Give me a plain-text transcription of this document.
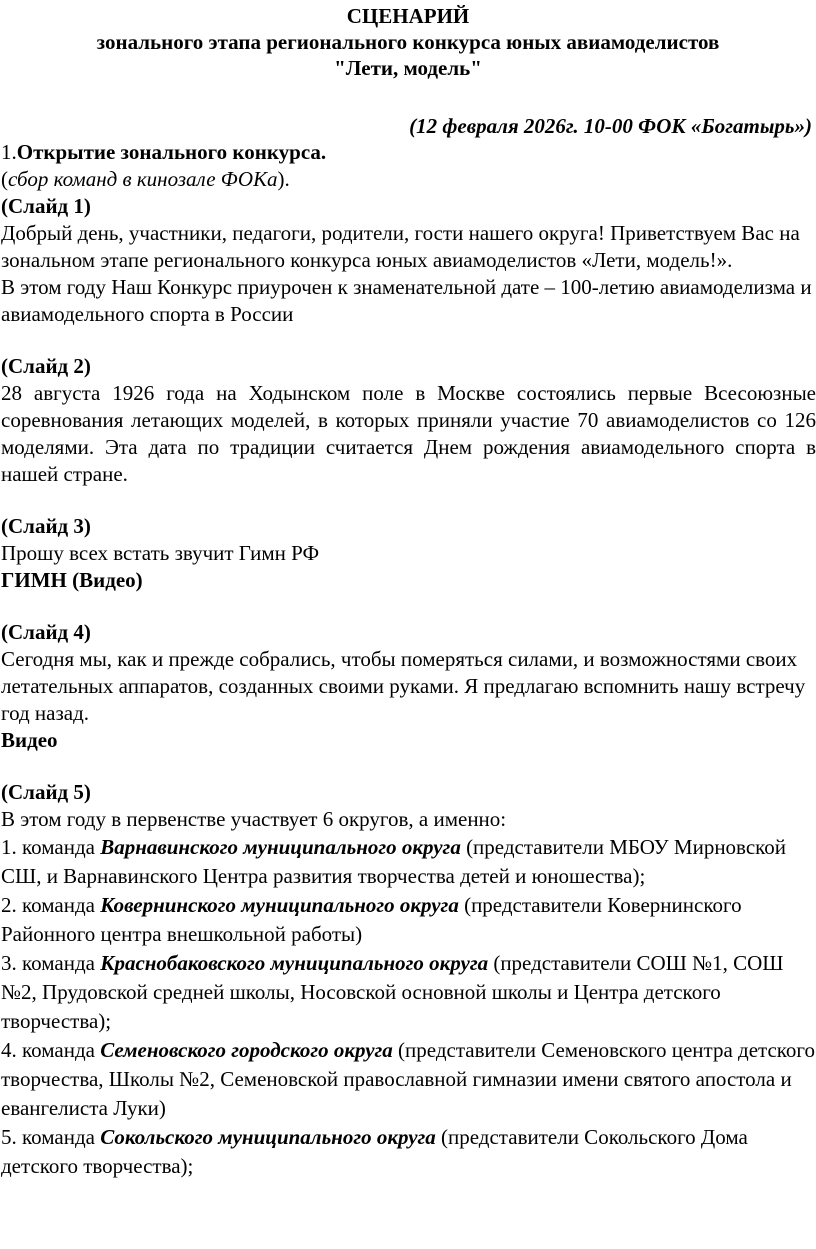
СЦЕНАРИЙ
зонального этапа регионального конкурса юных авиамоделистов
"Лети, модель"
(12 февраля 2026г. 10-00 ФОК «Богатырь»)
1.Открытие зонального конкурса.
(сбор команд в кинозале ФОКа).
(Слайд 1)
Добрый день, участники, педагоги, родители, гости нашего округа! Приветствуем Вас на зональном этапе регионального конкурса юных авиамоделистов «Лети, модель!».
В этом году Наш Конкурс приурочен к знаменательной дате – 100-летию авиамоделизма и авиамодельного спорта в России
(Слайд 2)
28 августа 1926 года на Ходынском поле в Москве состоялись первые Всесоюзные соревнования летающих моделей, в которых приняли участие 70 авиамоделистов со 126 моделями. Эта дата по традиции считается Днем рождения авиамодельного спорта в нашей стране.
(Слайд 3)
Прошу всех встать звучит Гимн РФ
ГИМН (Видео)
(Слайд 4)
Сегодня мы, как и прежде собрались, чтобы померяться силами, и возможностями своих летательных аппаратов, созданных своими руками. Я предлагаю вспомнить нашу встречу год назад.
Видео
(Слайд 5)
В этом году в первенстве участвует 6 округов, а именно:
1. команда Варнавинского муниципального округа (представители МБОУ Мирновской СШ, и Варнавинского Центра развития творчества детей и юношества);
2. команда Ковернинского муниципального округа (представители Ковернинского Районного центра внешкольной работы)
3. команда Краснобаковского муниципального округа (представители СОШ №1, СОШ №2, Прудовской средней школы, Носовской основной школы и Центра детского творчества);
4. команда Семеновского городского округа (представители Семеновского центра детского творчества, Школы №2, Семеновской православной гимназии имени святого апостола и евангелиста Луки)
5. команда Сокольского муниципального округа (представители Сокольского Дома детского творчества);
